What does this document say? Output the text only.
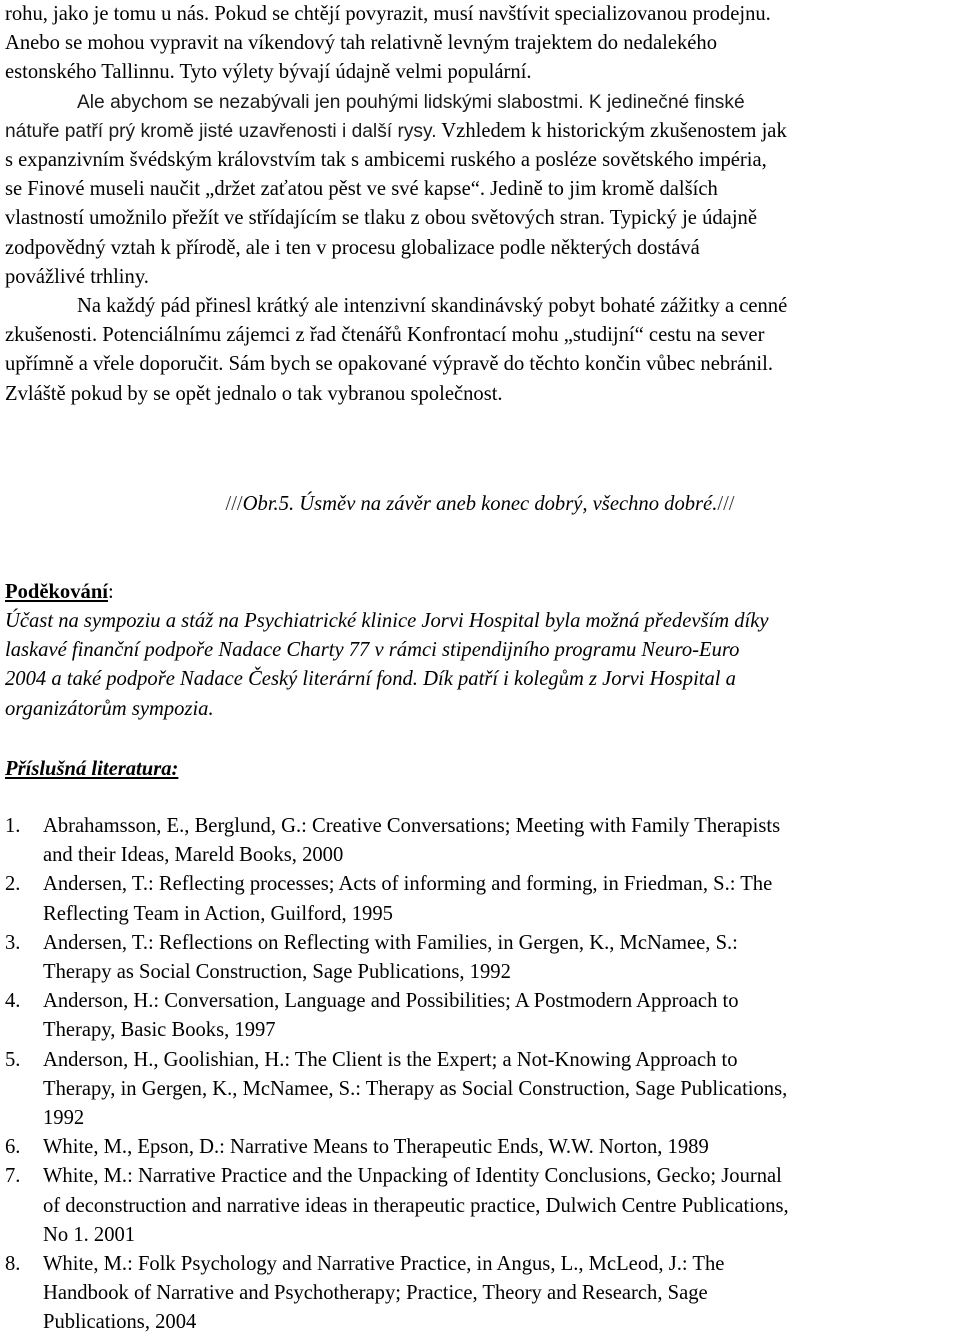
rohu, jako je tomu u nás. Pokud se chtějí povyrazit, musí navštívit specializovanou prodejnu.

Anebo se mohou vypravit na víkendový tah relativně levným trajektem do nedalekého

estonského Tallinnu. Tyto výlety bývají údajně velmi populární.

Ale abychom se nezabývali jen pouhými lidskými slabostmi. K jedinečné finské

nátuře patří prý kromě jisté uzavřenosti i další rysy. Vzhledem k historickým zkušenostem jak

s expanzivním švédským královstvím tak s ambicemi ruského a posléze sovětského impéria,

se Finové museli naučit „držet zaťatou pěst ve své kapse“. Jedině to jim kromě dalších

vlastností umožnilo přežít ve střídajícím se tlaku z obou světových stran. Typický je údajně

zodpovědný vztah k přírodě, ale i ten v procesu globalizace podle některých dostává

povážlivé trhliny.

Na každý pád přinesl krátký ale intenzivní skandinávský pobyt bohaté zážitky a cenné

zkušenosti. Potenciálnímu zájemci z řad čtenářů Konfrontací mohu „studijní“ cestu na sever

upřímně a vřele doporučit. Sám bych se opakované výpravě do těchto končin vůbec nebránil.

Zvláště pokud by se opět jednalo o tak vybranou společnost.

///Obr.5. Úsměv na závěr aneb konec dobrý, všechno dobré.///
Poděkování:
Účast na sympoziu a stáž na Psychiatrické klinice Jorvi Hospital byla možná především díky
laskavé finanční podpoře Nadace Charty 77 v rámci stipendijního programu Neuro-Euro
2004 a také podpoře Nadace Český literární fond. Dík patří i kolegům z Jorvi Hospital a
organizátorům sympozia.
Příslušná literatura:
1. Abrahamsson, E., Berglund, G.: Creative Conversations; Meeting with Family Therapists
and their Ideas, Mareld Books, 2000
2. Andersen, T.: Reflecting processes; Acts of informing and forming, in Friedman, S.: The
Reflecting Team in Action, Guilford, 1995
3. Andersen, T.: Reflections on Reflecting with Families, in Gergen, K., McNamee, S.:
Therapy as Social Construction, Sage Publications, 1992
4. Anderson, H.: Conversation, Language and Possibilities; A Postmodern Approach to
Therapy, Basic Books, 1997
5. Anderson, H., Goolishian, H.: The Client is the Expert; a Not-Knowing Approach to
Therapy, in Gergen, K., McNamee, S.: Therapy as Social Construction, Sage Publications,
1992
6. White, M., Epson, D.: Narrative Means to Therapeutic Ends, W.W. Norton, 1989
7. White, M.: Narrative Practice and the Unpacking of Identity Conclusions, Gecko; Journal
of deconstruction and narrative ideas in therapeutic practice, Dulwich Centre Publications,
No 1. 2001
8. White, M.: Folk Psychology and Narrative Practice, in Angus, L., McLeod, J.: The
Handbook of Narrative and Psychotherapy; Practice, Theory and Research, Sage
Publications, 2004
